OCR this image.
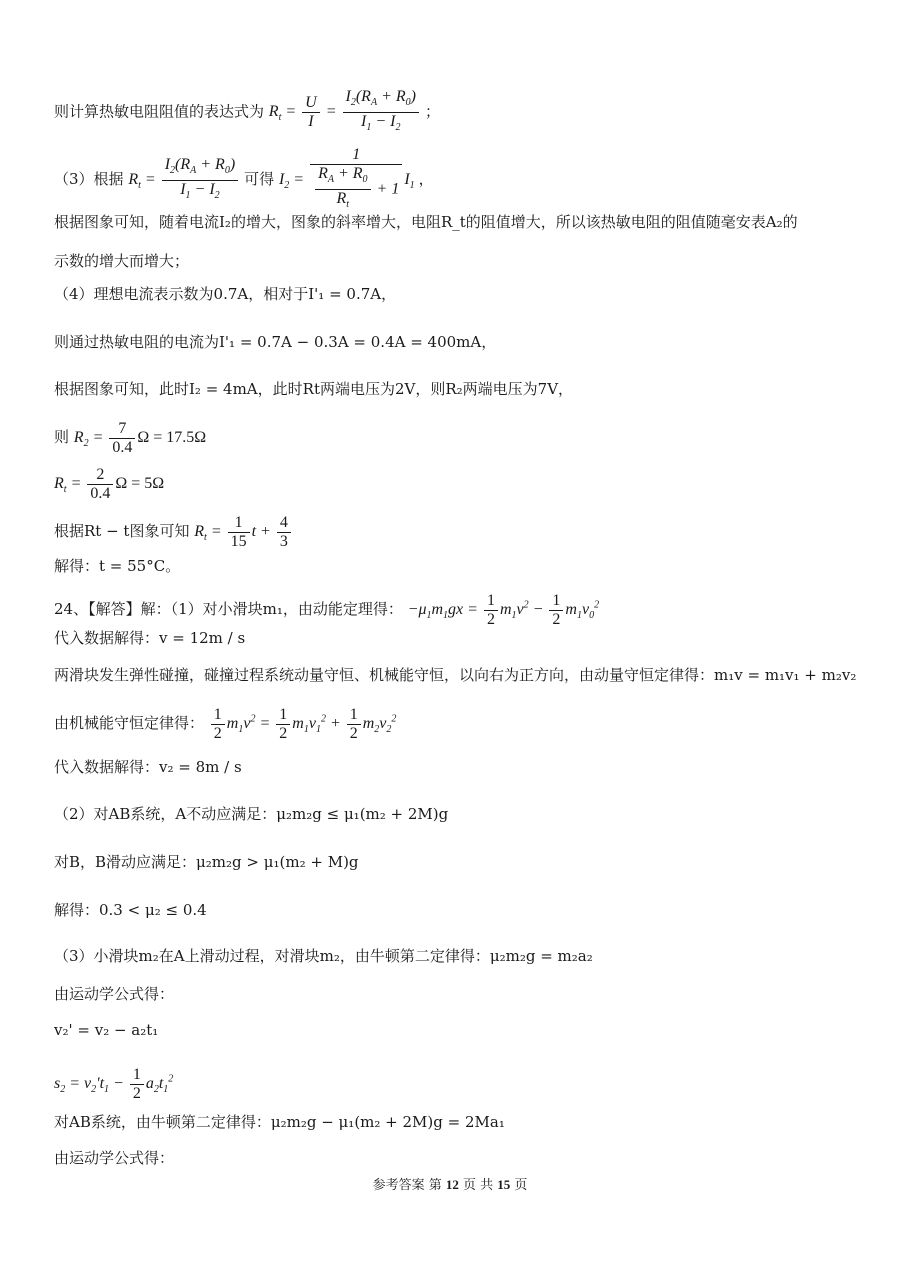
则计算热敏电阻阻值的表达式为 $R_t = \frac{U}{I} = \frac{I_2(R_A + R_0)}{I_1 - I_2}$ ；
（3）根据 $R_t = \frac{I_2(R_A + R_0)}{I_1 - I_2}$ 可得 $I_2 = \frac{1}{\frac{R_A + R_0}{R_t} + 1} I_1$ ，
根据图象可知，随着电流I₂的增大，图象的斜率增大，电阻R_t的阻值增大，所以该热敏电阻的阻值随毫安表A₂的
示数的增大而增大；
（4）理想电流表示数为0.7A，相对于I'₁ = 0.7A，
则通过热敏电阻的电流为I'₁ = 0.7A − 0.3A = 0.4A = 400mA，
根据图象可知，此时I₂ = 4mA，此时Rt两端电压为2V，则R₂两端电压为7V，
则 $R_2 = \frac{7}{0.4}$ Ω = 17.5Ω
$R_t = \frac{2}{0.4}$ Ω = 5Ω
根据Rt − t图象可知 $R_t = \frac{1}{15}$ $t + \frac{4}{3}$
解得：t = 55°C。
24、【解答】解：（1）对小滑块m₁，由动能定理得： $-\mu_1m_1gx = \frac{1}{2} m_1v^2 - \frac{1}{2} m_1v_0^2$
代入数据解得：v = 12m / s
两滑块发生弹性碰撞，碰撞过程系统动量守恒、机械能守恒，以向右为正方向，由动量守恒定律得：m₁v = m₁v₁ + m₂v₂
由机械能守恒定律得： $\frac{1}{2} m_1v^2 = \frac{1}{2} m_1v_1^2 + \frac{1}{2} m_2v_2^2$
代入数据解得：v₂ = 8m / s
（2）对AB系统，A不动应满足：μ₂m₂g ≤ μ₁(m₂ + 2M)g
对B，B滑动应满足：μ₂m₂g > μ₁(m₂ + M)g
解得：0.3 < μ₂ ≤ 0.4
（3）小滑块m₂在A上滑动过程，对滑块m₂，由牛顿第二定律得：μ₂m₂g = m₂a₂
由运动学公式得：
v₂' = v₂ − a₂t₁
$s_2 = v_2't_1 - \frac{1}{2} a_2t_1^2$
对AB系统，由牛顿第二定律得：μ₂m₂g − μ₁(m₂ + 2M)g = 2Ma₁
由运动学公式得：
参考答案 第 12 页 共 15 页
